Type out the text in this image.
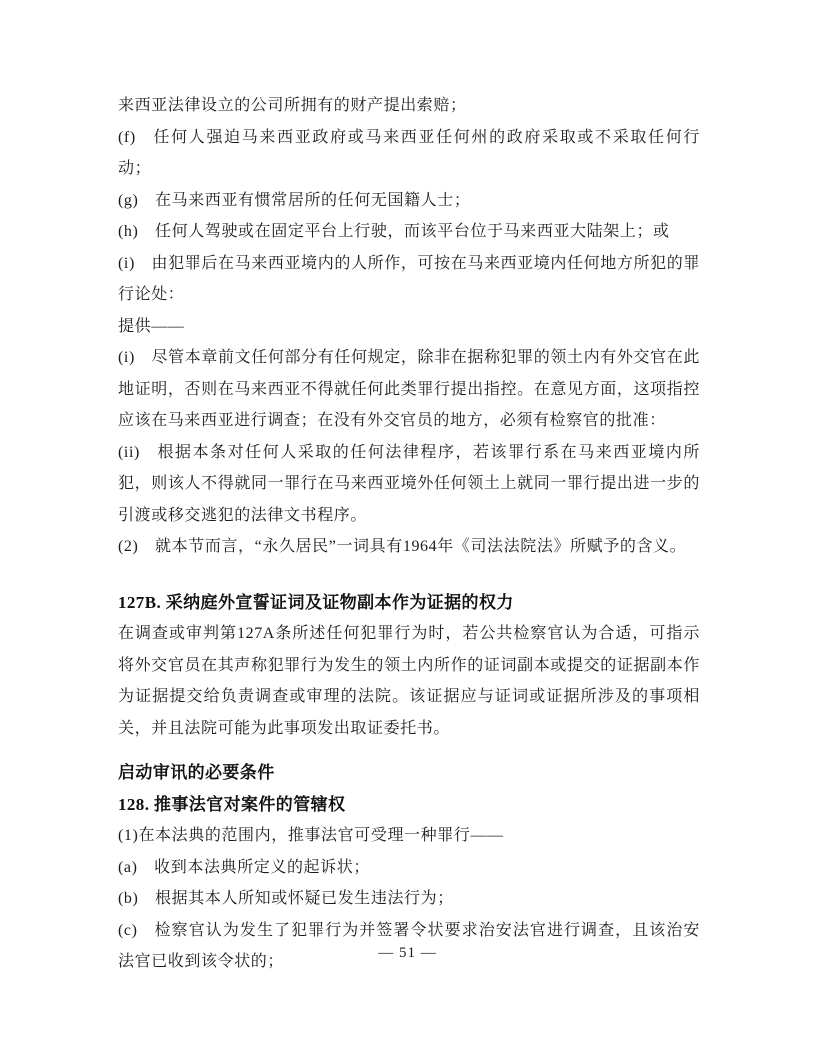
来西亚法律设立的公司所拥有的财产提出索赔；

(f) 任何人强迫马来西亚政府或马来西亚任何州的政府采取或不采取任何行动；

(g) 在马来西亚有惯常居所的任何无国籍人士；

(h) 任何人驾驶或在固定平台上行驶，而该平台位于马来西亚大陆架上；或

(i) 由犯罪后在马来西亚境内的人所作，可按在马来西亚境内任何地方所犯的罪行论处：

提供——

(i) 尽管本章前文任何部分有任何规定，除非在据称犯罪的领土内有外交官在此地证明，否则在马来西亚不得就任何此类罪行提出指控。在意见方面，这项指控应该在马来西亚进行调查；在没有外交官员的地方，必须有检察官的批准：

(ii) 根据本条对任何人采取的任何法律程序，若该罪行系在马来西亚境内所犯，则该人不得就同一罪行在马来西亚境外任何领土上就同一罪行提出进一步的引渡或移交逃犯的法律文书程序。

(2) 就本节而言，“永久居民”一词具有1964年《司法法院法》所赋予的含义。

127B. 采纳庭外宣誓证词及证物副本作为证据的权力

在调查或审判第127A条所述任何犯罪行为时，若公共检察官认为合适，可指示将外交官员在其声称犯罪行为发生的领土内所作的证词副本或提交的证据副本作为证据提交给负责调查或审理的法院。该证据应与证词或证据所涉及的事项相关，并且法院可能为此事项发出取证委托书。

启动审讯的必要条件

128. 推事法官对案件的管辖权

(1)在本法典的范围内，推事法官可受理一种罪行——

(a) 收到本法典所定义的起诉状；

(b) 根据其本人所知或怀疑已发生违法行为；

(c) 检察官认为发生了犯罪行为并签署令状要求治安法官进行调查，且该治安法官已收到该令状的；	— 51 —
